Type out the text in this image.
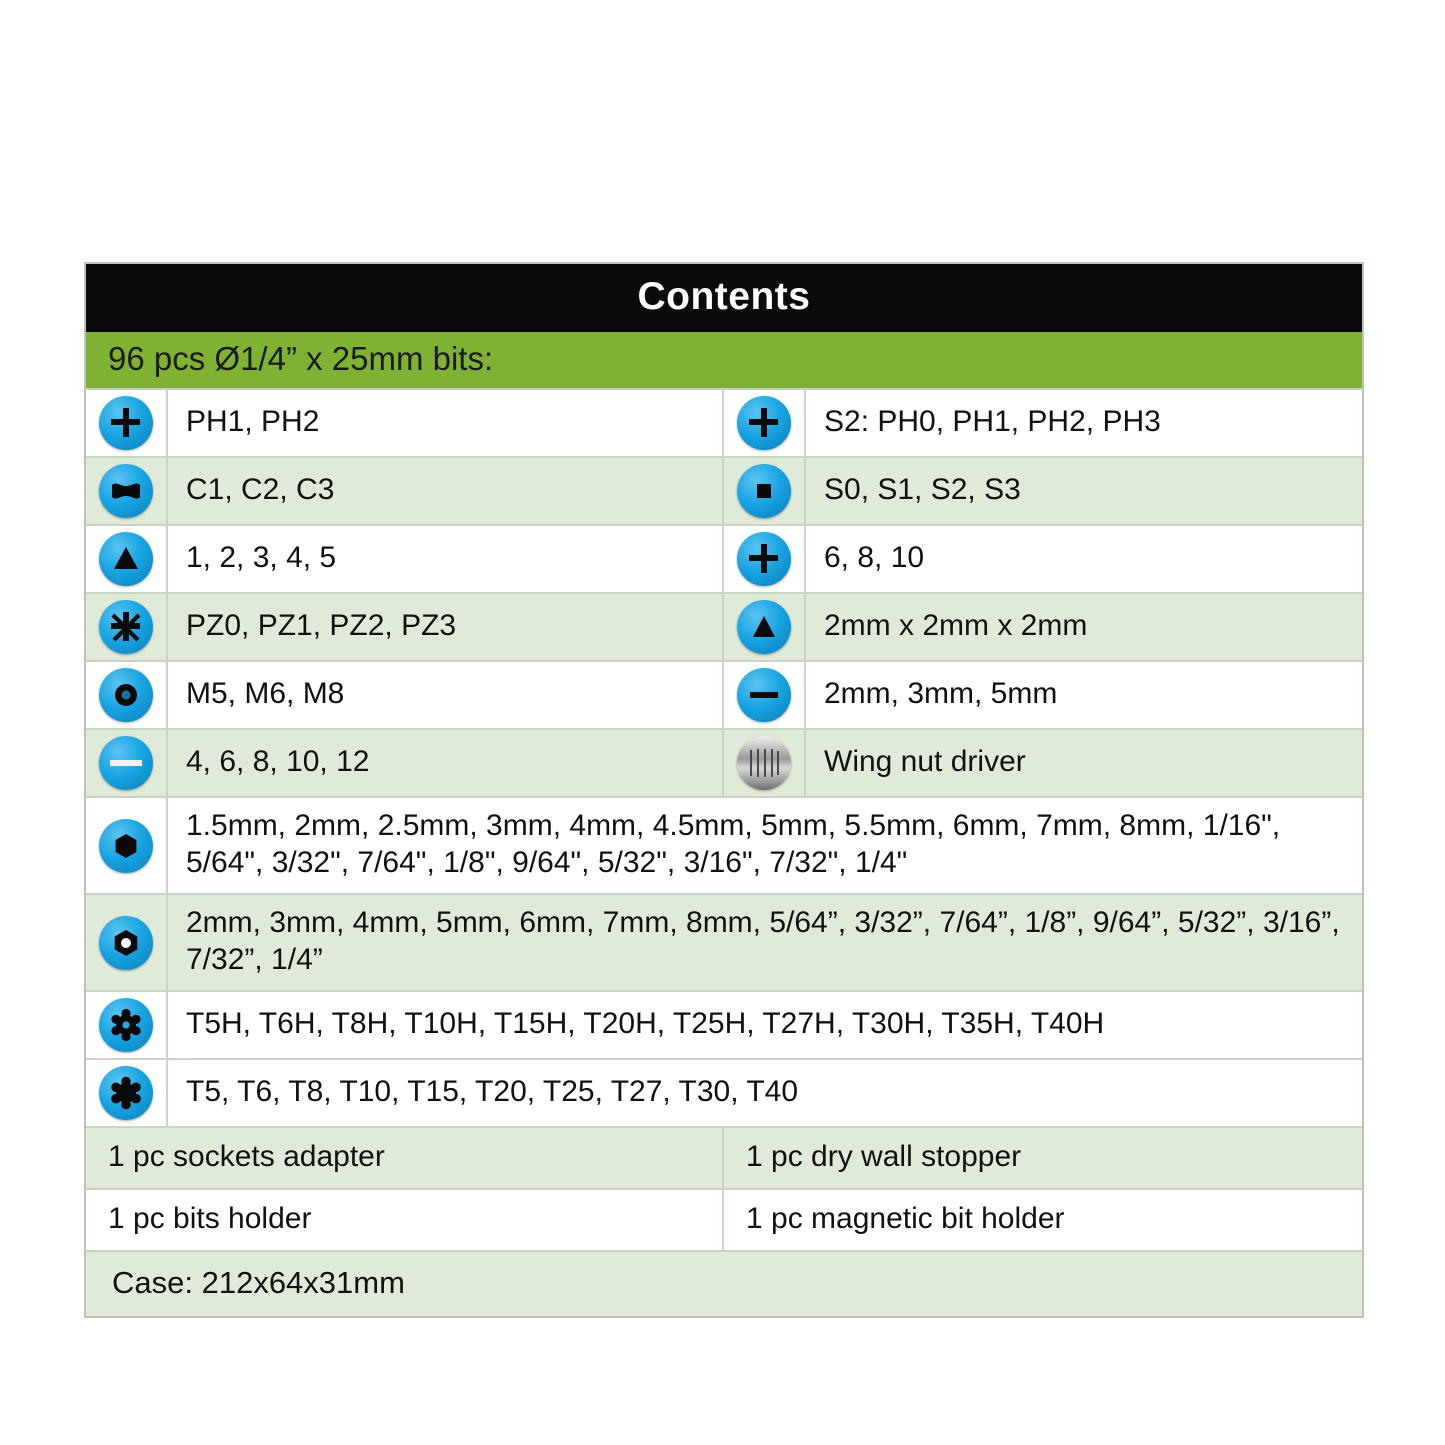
Contents
96 pcs Ø1/4” x 25mm bits:
PH1, PH2	S2: PH0, PH1, PH2, PH3
C1, C2, C3	S0, S1, S2, S3
1, 2, 3, 4, 5	6, 8, 10
PZ0, PZ1, PZ2, PZ3	2mm x 2mm x 2mm
M5, M6, M8	2mm, 3mm, 5mm
4, 6, 8, 10, 12	Wing nut driver
1.5mm, 2mm, 2.5mm, 3mm, 4mm, 4.5mm, 5mm, 5.5mm, 6mm, 7mm, 8mm, 1/16", 5/64", 3/32", 7/64", 1/8", 9/64", 5/32", 3/16", 7/32", 1/4"
2mm, 3mm, 4mm, 5mm, 6mm, 7mm, 8mm, 5/64”, 3/32”, 7/64”, 1/8”, 9/64”, 5/32”, 3/16”, 7/32”, 1/4”
T5H, T6H, T8H, T10H, T15H, T20H, T25H, T27H, T30H, T35H, T40H
T5, T6, T8, T10, T15, T20, T25, T27, T30, T40
1 pc sockets adapter	1 pc dry wall stopper
1 pc bits holder	1 pc magnetic bit holder
Case: 212x64x31mm
